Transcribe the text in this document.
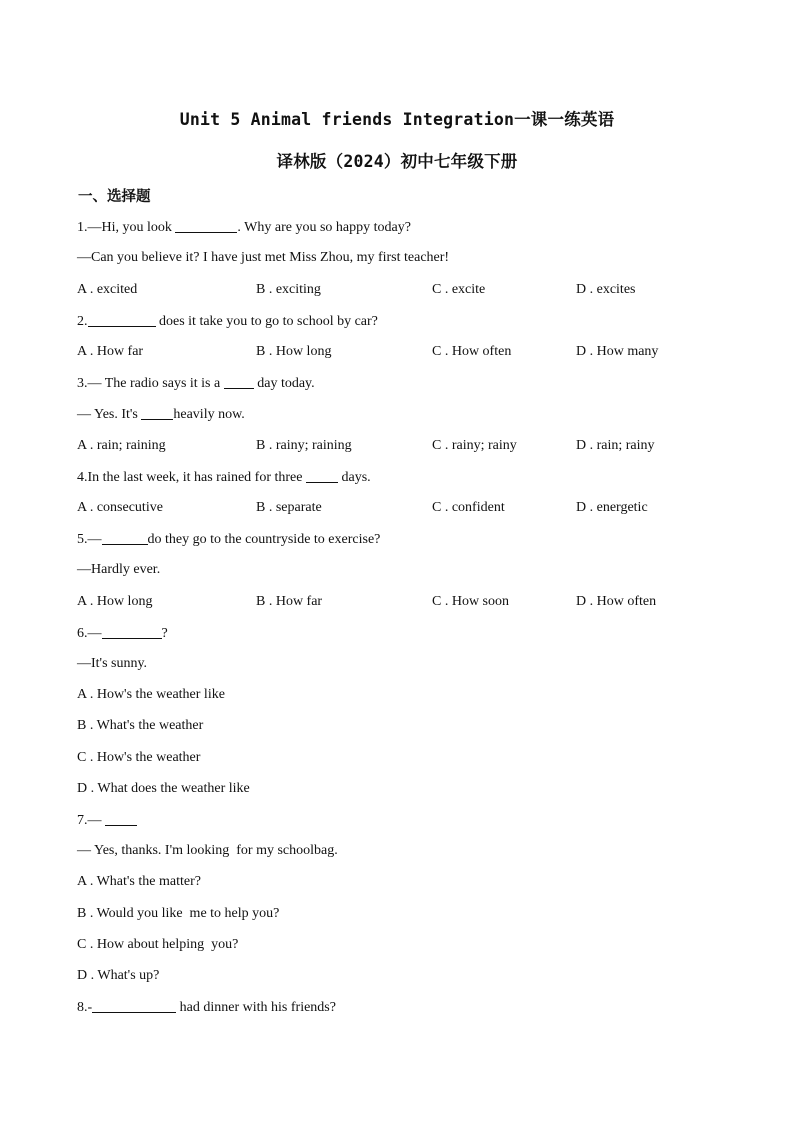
Unit 5 Animal friends Integration一课一练英语
译林版（2024）初中七年级下册
一、选择题
1.—Hi, you look	. Why are you so happy today?
—Can you believe it? I have just met Miss Zhou, my first teacher!
A . excited	B . exciting	C . excite	D . excites
2.	does it take you to go to school by car?
A . How far	B . How long	C . How often	D . How many
3.— The radio says it is a  day today.
— Yes. It's heavily now.
A . rain; raining	B . rainy; raining	C . rainy; rainy	D . rain; rainy
4.In the last week, it has rained for three  days.
A . consecutive	B . separate	C . confident	D . energetic
5.—	do they go to the countryside to exercise?
—Hardly ever.
A . How long	B . How far	C . How soon	D . How often
6.—	?
—It's sunny.
A . How's the weather like
B . What's the weather
C . How's the weather
D . What does the weather like
7.—
— Yes, thanks. I'm looking  for my schoolbag.
A . What's the matter?
B . Would you like  me to help you?
C . How about helping  you?
D . What's up?
8.-	had dinner with his friends?
